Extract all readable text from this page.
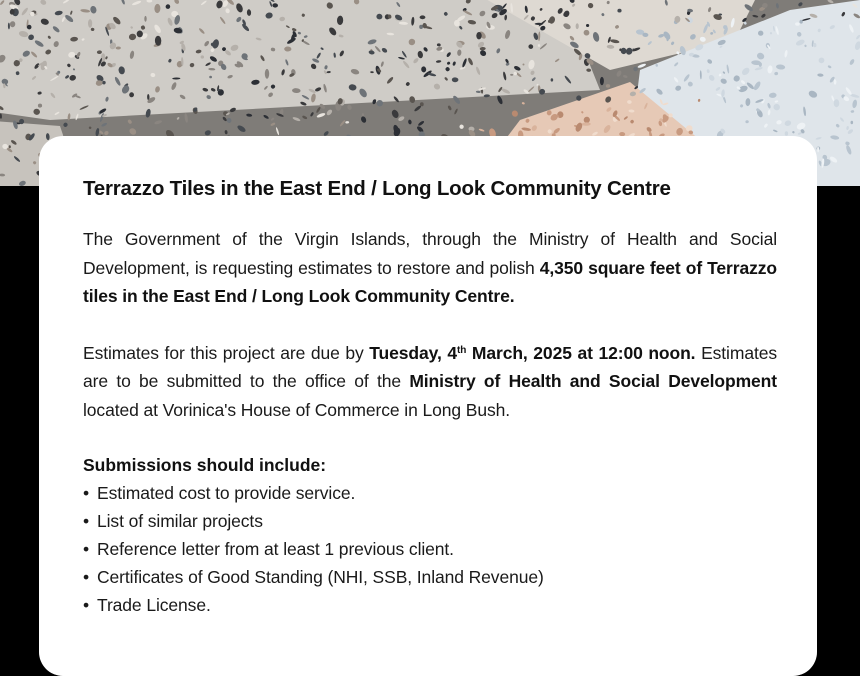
Terrazzo Tiles in the East End / Long Look Community Centre

The Government of the Virgin Islands, through the Ministry of Health and Social Development, is requesting estimates to restore and polish 4,350 square feet of Terrazzo tiles in the East End / Long Look Community Centre.

Estimates for this project are due by Tuesday, 4th March, 2025 at 12:00 noon. Estimates are to be submitted to the office of the Ministry of Health and Social Development located at Vorinica's House of Commerce in Long Bush.

Submissions should include:
• Estimated cost to provide service.
• List of similar projects
• Reference letter from at least 1 previous client.
• Certificates of Good Standing (NHI, SSB, Inland Revenue)
• Trade License.
